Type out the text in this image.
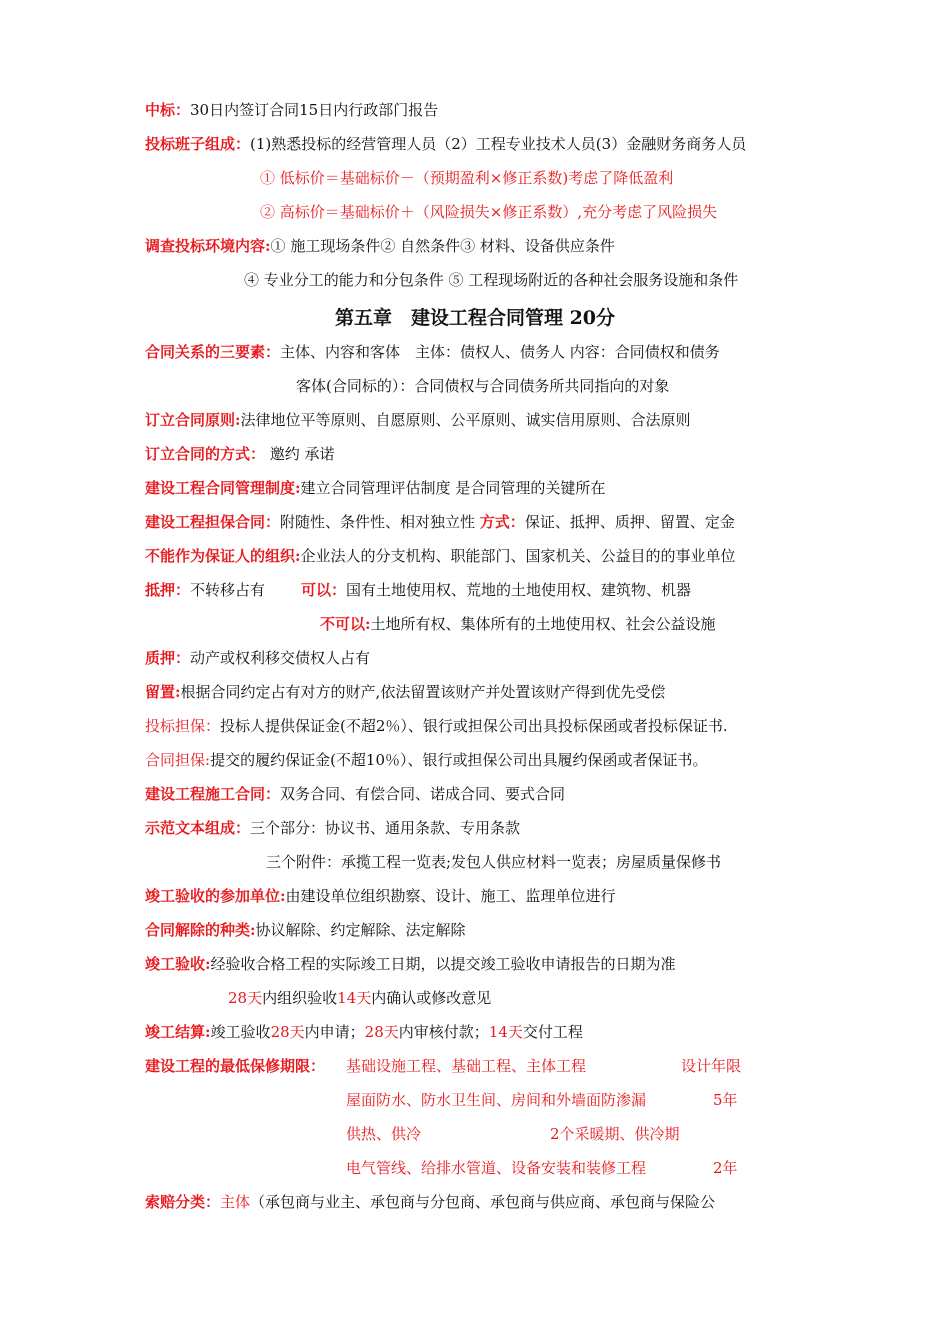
中标：30日内签订合同15日内行政部门报告
投标班子组成：(1)熟悉投标的经营管理人员（2）工程专业技术人员(3）金融财务商务人员
① 低标价＝基础标价－（预期盈利×修正系数)考虑了降低盈利
② 高标价＝基础标价＋（风险损失×修正系数）,充分考虑了风险损失
调查投标环境内容:① 施工现场条件② 自然条件③ 材料、设备供应条件
④ 专业分工的能力和分包条件 ⑤ 工程现场附近的各种社会服务设施和条件
第五章　建设工程合同管理 20分
合同关系的三要素：主体、内容和客体　主体：债权人、债务人 内容：合同债权和债务
客体(合同标的）：合同债权与合同债务所共同指向的对象
订立合同原则:法律地位平等原则、自愿原则、公平原则、诚实信用原则、合法原则
订立合同的方式： 邀约 承诺
建设工程合同管理制度:建立合同管理评估制度 是合同管理的关键所在
建设工程担保合同：附随性、条件性、相对独立性 方式：保证、抵押、质押、留置、定金
不能作为保证人的组织:企业法人的分支机构、职能部门、国家机关、公益目的的事业单位
抵押：不转移占有 可以：国有土地使用权、荒地的土地使用权、建筑物、机器
不可以:土地所有权、集体所有的土地使用权、社会公益设施
质押：动产或权利移交债权人占有
留置:根据合同约定占有对方的财产,依法留置该财产并处置该财产得到优先受偿
投标担保：投标人提供保证金(不超2％）、银行或担保公司出具投标保函或者投标保证书.
合同担保:提交的履约保证金(不超10％）、银行或担保公司出具履约保函或者保证书。
建设工程施工合同：双务合同、有偿合同、诺成合同、要式合同
示范文本组成：三个部分：协议书、通用条款、专用条款
三个附件：承揽工程一览表;发包人供应材料一览表；房屋质量保修书
竣工验收的参加单位:由建设单位组织勘察、设计、施工、监理单位进行
合同解除的种类:协议解除、约定解除、法定解除
竣工验收:经验收合格工程的实际竣工日期，以提交竣工验收申请报告的日期为准
28天内组织验收14天内确认或修改意见
竣工结算:竣工验收28天内申请；28天内审核付款；14天交付工程
建设工程的最低保修期限： 基础设施工程、基础工程、主体工程	设计年限
屋面防水、防水卫生间、房间和外墙面防渗漏	5年
供热、供冷	2个采暖期、供冷期
电气管线、给排水管道、设备安装和装修工程	2年
索赔分类：主体（承包商与业主、承包商与分包商、承包商与供应商、承包商与保险公
